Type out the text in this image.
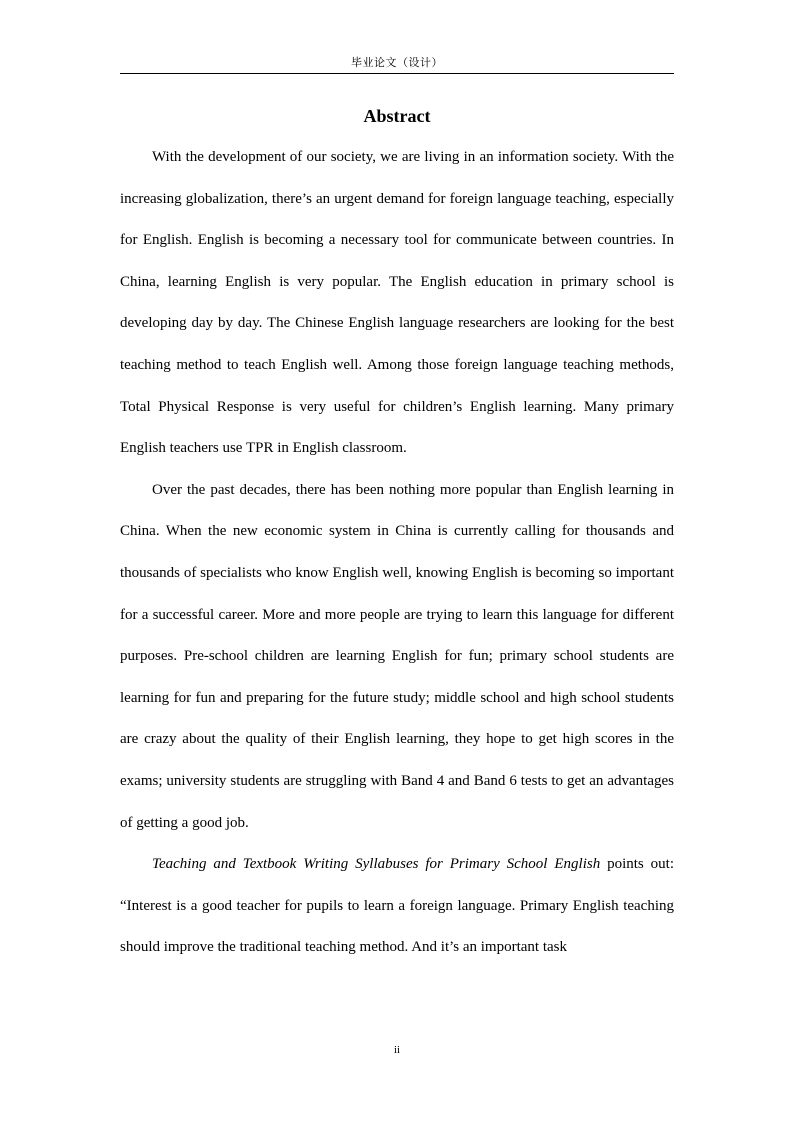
毕业论文（设计）
Abstract

With the development of our society, we are living in an information society. With the increasing globalization, there’s an urgent demand for foreign language teaching, especially for English. English is becoming a necessary tool for communicate between countries. In China, learning English is very popular. The English education in primary school is developing day by day. The Chinese English language researchers are looking for the best teaching method to teach English well. Among those foreign language teaching methods, Total Physical Response is very useful for children’s English learning. Many primary English teachers use TPR in English classroom.

Over the past decades, there has been nothing more popular than English learning in China. When the new economic system in China is currently calling for thousands and thousands of specialists who know English well, knowing English is becoming so important for a successful career. More and more people are trying to learn this language for different purposes. Pre-school children are learning English for fun; primary school students are learning for fun and preparing for the future study; middle school and high school students are crazy about the quality of their English learning, they hope to get high scores in the exams; university students are struggling with Band 4 and Band 6 tests to get an advantages of getting a good job.

Teaching and Textbook Writing Syllabuses for Primary School English points out: “Interest is a good teacher for pupils to learn a foreign language. Primary English teaching should improve the traditional teaching method. And it’s an important task

ii
